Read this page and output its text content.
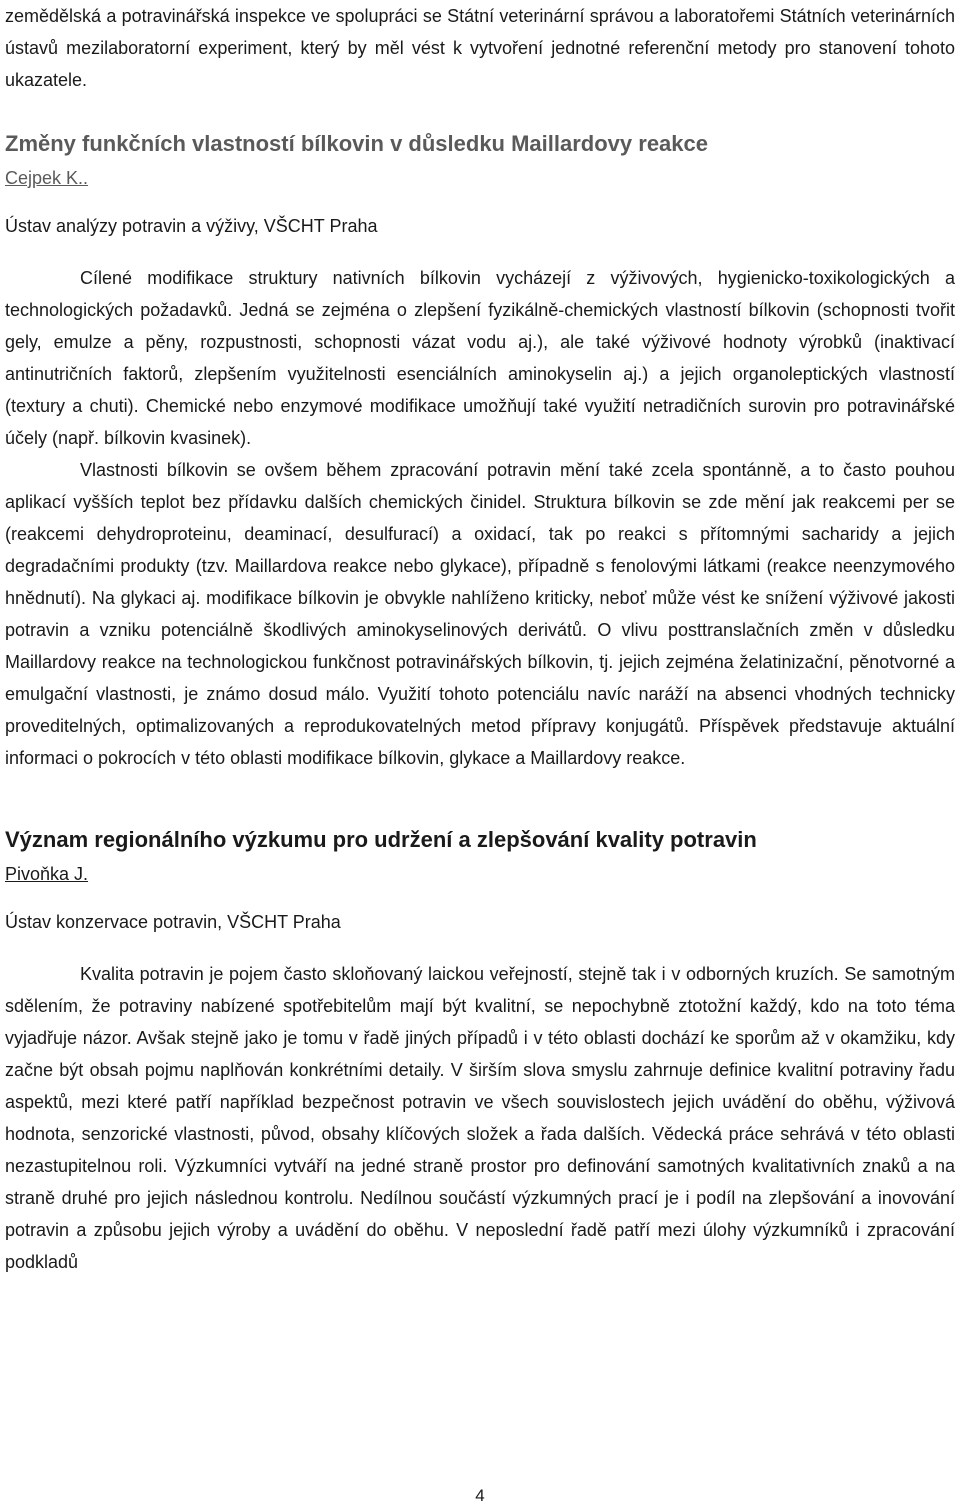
zemědělská a potravinářská inspekce ve spolupráci se Státní veterinární správou a laboratořemi Státních veterinárních ústavů mezilaboratorní experiment, který by měl vést k vytvoření jednotné referenční metody pro stanovení tohoto ukazatele.

Změny funkčních vlastností bílkovin v důsledku Maillardovy reakce

Cejpek K..

Ústav analýzy potravin a výživy, VŠCHT Praha

Cílené modifikace struktury nativních bílkovin vycházejí z výživových, hygienicko-toxikologických a technologických požadavků. Jedná se zejména o zlepšení fyzikálně-chemických vlastností bílkovin (schopnosti tvořit gely, emulze a pěny, rozpustnosti, schopnosti vázat vodu aj.), ale také výživové hodnoty výrobků (inaktivací antinutričních faktorů, zlepšením využitelnosti esenciálních aminokyselin aj.) a jejich organoleptických vlastností (textury a chuti). Chemické nebo enzymové modifikace umožňují také využití netradičních surovin pro potravinářské účely (např. bílkovin kvasinek).

Vlastnosti bílkovin se ovšem během zpracování potravin mění také zcela spontánně, a to často pouhou aplikací vyšších teplot bez přídavku dalších chemických činidel. Struktura bílkovin se zde mění jak reakcemi per se (reakcemi dehydroproteinu, deaminací, desulfurací) a oxidací, tak po reakci s přítomnými sacharidy a jejich degradačními produkty (tzv. Maillardova reakce nebo glykace), případně s fenolovými látkami (reakce neenzymového hnědnutí). Na glykaci aj. modifikace bílkovin je obvykle nahlíženo kriticky, neboť může vést ke snížení výživové jakosti potravin a vzniku potenciálně škodlivých aminokyselinových derivátů. O vlivu posttranslačních změn v důsledku Maillardovy reakce na technologickou funkčnost potravinářských bílkovin, tj. jejich zejména želatinizační, pěnotvorné a emulgační vlastnosti, je známo dosud málo. Využití tohoto potenciálu navíc naráží na absenci vhodných technicky proveditelných, optimalizovaných a reprodukovatelných metod přípravy konjugátů. Příspěvek představuje aktuální informaci o pokrocích v této oblasti modifikace bílkovin, glykace a Maillardovy reakce.

Význam regionálního výzkumu pro udržení a zlepšování kvality potravin

Pivoňka J.

Ústav konzervace potravin, VŠCHT Praha

Kvalita potravin je pojem často skloňovaný laickou veřejností, stejně tak i v odborných kruzích. Se samotným sdělením, že potraviny nabízené spotřebitelům mají být kvalitní, se nepochybně ztotožní každý, kdo na toto téma vyjadřuje názor. Avšak stejně jako je tomu v řadě jiných případů i v této oblasti dochází ke sporům až v okamžiku, kdy začne být obsah pojmu naplňován konkrétními detaily. V širším slova smyslu zahrnuje definice kvalitní potraviny řadu aspektů, mezi které patří například bezpečnost potravin ve všech souvislostech jejich uvádění do oběhu, výživová hodnota, senzorické vlastnosti, původ, obsahy klíčových složek a řada dalších. Vědecká práce sehrává v této oblasti nezastupitelnou roli. Výzkumníci vytváří na jedné straně prostor pro definování samotných kvalitativních znaků a na straně druhé pro jejich následnou kontrolu. Nedílnou součástí výzkumných prací je i podíl na zlepšování a inovování potravin a způsobu jejich výroby a uvádění do oběhu. V neposlední řadě patří mezi úlohy výzkumníků i zpracování podkladů

4
